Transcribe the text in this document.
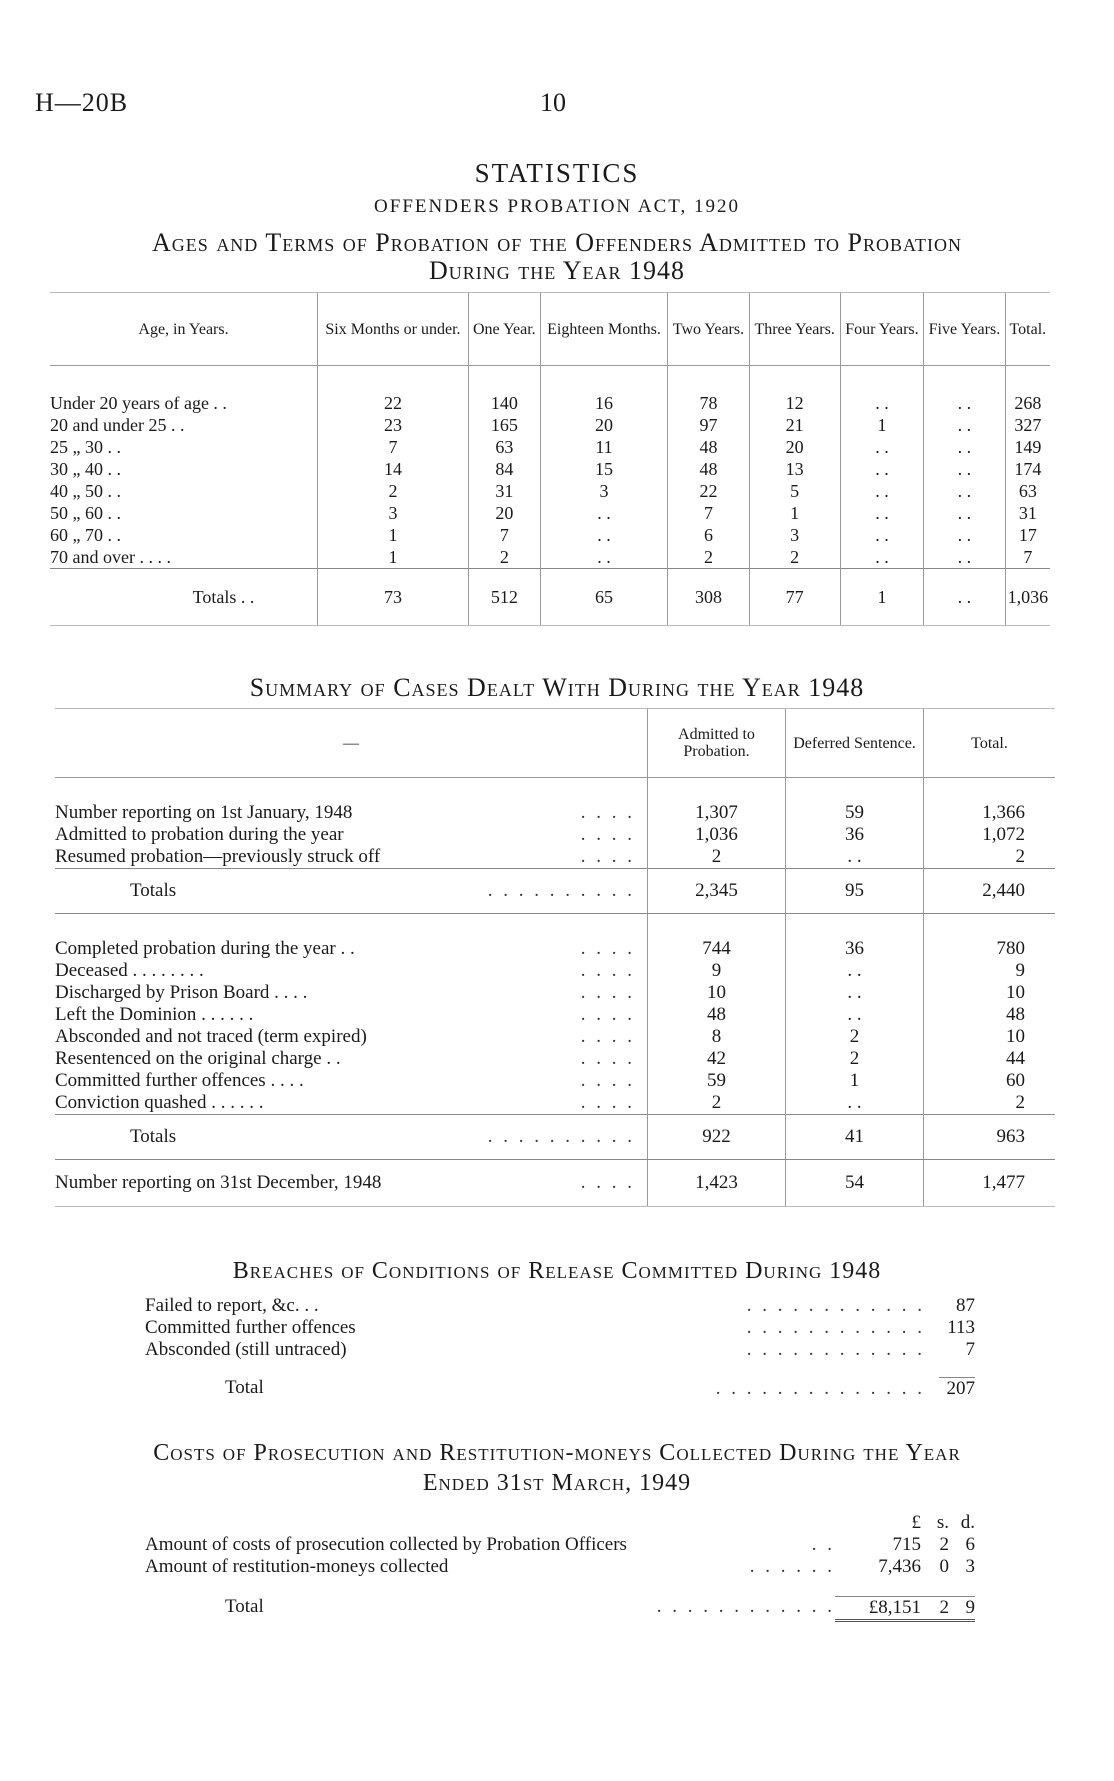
H—20B	10
STATISTICS
OFFENDERS PROBATION ACT, 1920
Ages and Terms of Probation of the Offenders Admitted to Probation
During the Year 1948
Age, in Years.	Six Months or under.	One Year.	Eighteen Months.	Two Years.	Three Years.	Four Years.	Five Years.	Total.
Under 20 years of age . .	22	140	16	78	12	. .	. .	268
20 and under 25 . .	23	165	20	97	21	1	. .	327
25 „ 30 . .	7	63	11	48	20	. .	. .	149
30 „ 40 . .	14	84	15	48	13	. .	. .	174
40 „ 50 . .	2	31	3	22	5	. .	. .	63
50 „ 60 . .	3	20	. .	7	1	. .	. .	31
60 „ 70 . .	1	7	. .	6	3	. .	. .	17
70 and over . . . .	1	2	. .	2	2	. .	. .	7
Totals . .	73	512	65	308	77	1	. .	1,036
Summary of Cases Dealt With During the Year 1948
—	Admitted to Probation.	Deferred Sentence.	Total.
Number reporting on 1st January, 1948 . . . .	1,307	59	1,366
Admitted to probation during the year . . . .	1,036	36	1,072
Resumed probation—previously struck off . . . .	2	. .	2
Totals . . . . . . . . . .	2,345	95	2,440
Completed probation during the year . . . . . .	744	36	780
Deceased . . . . . . . . . . . .	9	. .	9
Discharged by Prison Board . . . . . . . .	10	. .	10
Left the Dominion . . . . . . . . . .	48	. .	48
Absconded and not traced (term expired) . . . .	8	2	10
Resentenced on the original charge . . . . . .	42	2	44
Committed further offences . . . . . . . .	59	1	60
Conviction quashed . . . . . . . . . .	2	. .	2
Totals . . . . . . . . . .	922	41	963
Number reporting on 31st December, 1948 . . . .	1,423	54	1,477
Breaches of Conditions of Release Committed During 1948
Failed to report, &c. . .	. . . . . . . . . . . . 87
Committed further offences	. . . . . . . . . . . . 113
Absconded (still untraced)	. . . . . . . . . . . . 7
Total	. . . . . . . . . . . . . . 207
Costs of Prosecution and Restitution-moneys Collected During the Year
Ended 31st March, 1949
£ s. d.
Amount of costs of prosecution collected by Probation Officers	. .	715 2 6
Amount of restitution-moneys collected	. . . . . .	7,436 0 3
Total	. . . . . . . . . . . .	£8,151 2 9
